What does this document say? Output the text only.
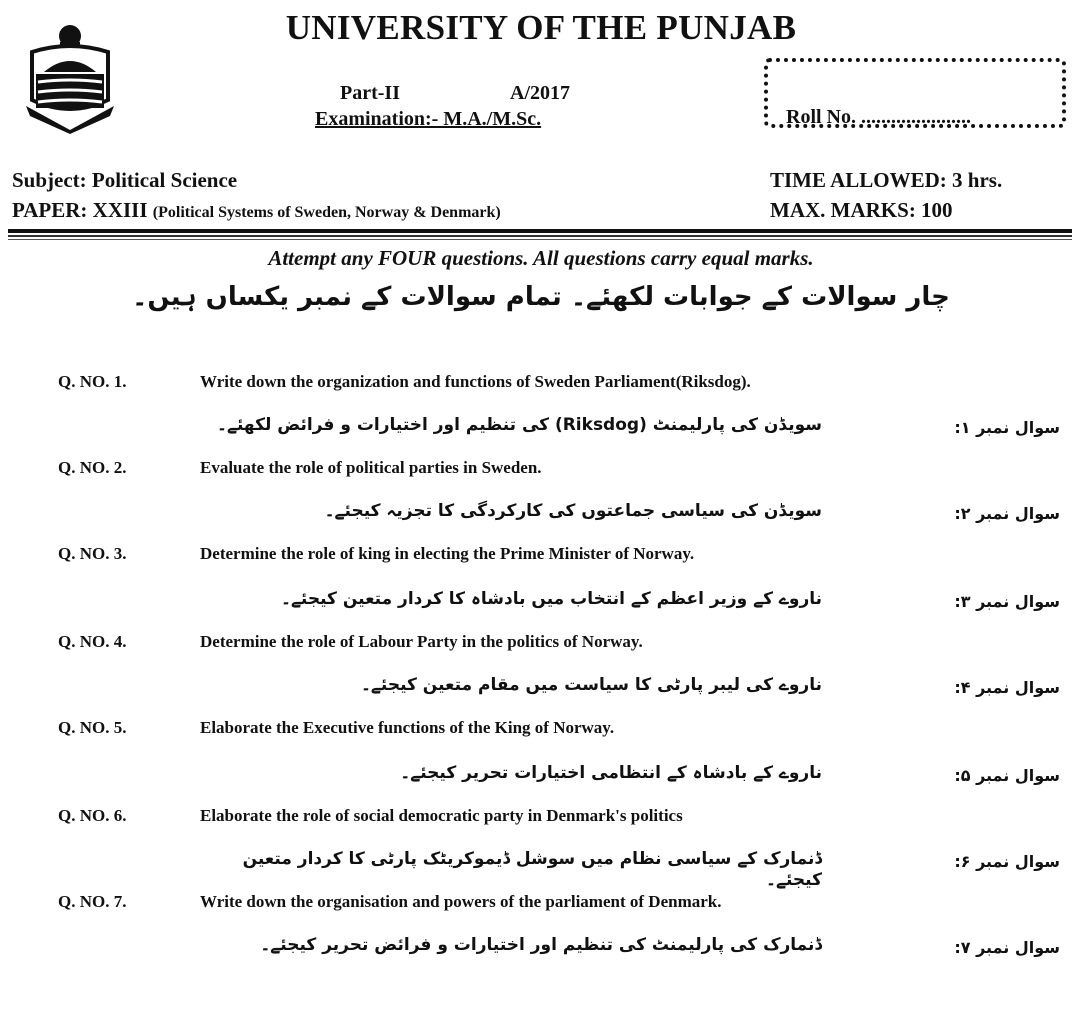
UNIVERSITY OF THE PUNJAB
Part-II	A/2017
Examination:- M.A./M.Sc.	Roll No. ......................
Subject: Political Science
PAPER: XXIII (Political Systems of Sweden, Norway & Denmark)
TIME ALLOWED: 3 hrs.
MAX. MARKS: 100
Attempt any FOUR questions. All questions carry equal marks.
چار سوالات کے جوابات لکھئے۔ تمام سوالات کے نمبر یکساں ہیں۔
Q. NO. 1.	Write down the organization and functions of Sweden Parliament(Riksdog).
سویڈن کی پارلیمنٹ (Riksdog) کی تنظیم اور اختیارات و فرائض لکھئے۔	سوال نمبر ۱:
Q. NO. 2.	Evaluate the role of political parties in Sweden.
سویڈن کی سیاسی جماعتوں کی کارکردگی کا تجزیہ کیجئے۔	سوال نمبر ۲:
Q. NO. 3.	Determine the role of king in electing the Prime Minister of Norway.
ناروے کے وزیر اعظم کے انتخاب میں بادشاہ کا کردار متعین کیجئے۔	سوال نمبر ۳:
Q. NO. 4.	Determine the role of Labour Party in the politics of Norway.
ناروے کی لیبر پارٹی کا سیاست میں مقام متعین کیجئے۔	سوال نمبر ۴:
Q. NO. 5.	Elaborate the Executive functions of the King of Norway.
ناروے کے بادشاہ کے انتظامی اختیارات تحریر کیجئے۔	سوال نمبر ۵:
Q. NO. 6.	Elaborate the role of social democratic party in Denmark's politics
ڈنمارک کے سیاسی نظام میں سوشل ڈیموکریٹک پارٹی کا کردار متعین کیجئے۔
سوال نمبر ۶:
Q. NO. 7.	Write down the organisation and powers of the parliament of Denmark.
ڈنمارک کی پارلیمنٹ کی تنظیم اور اختیارات و فرائض تحریر کیجئے۔	سوال نمبر ۷:
